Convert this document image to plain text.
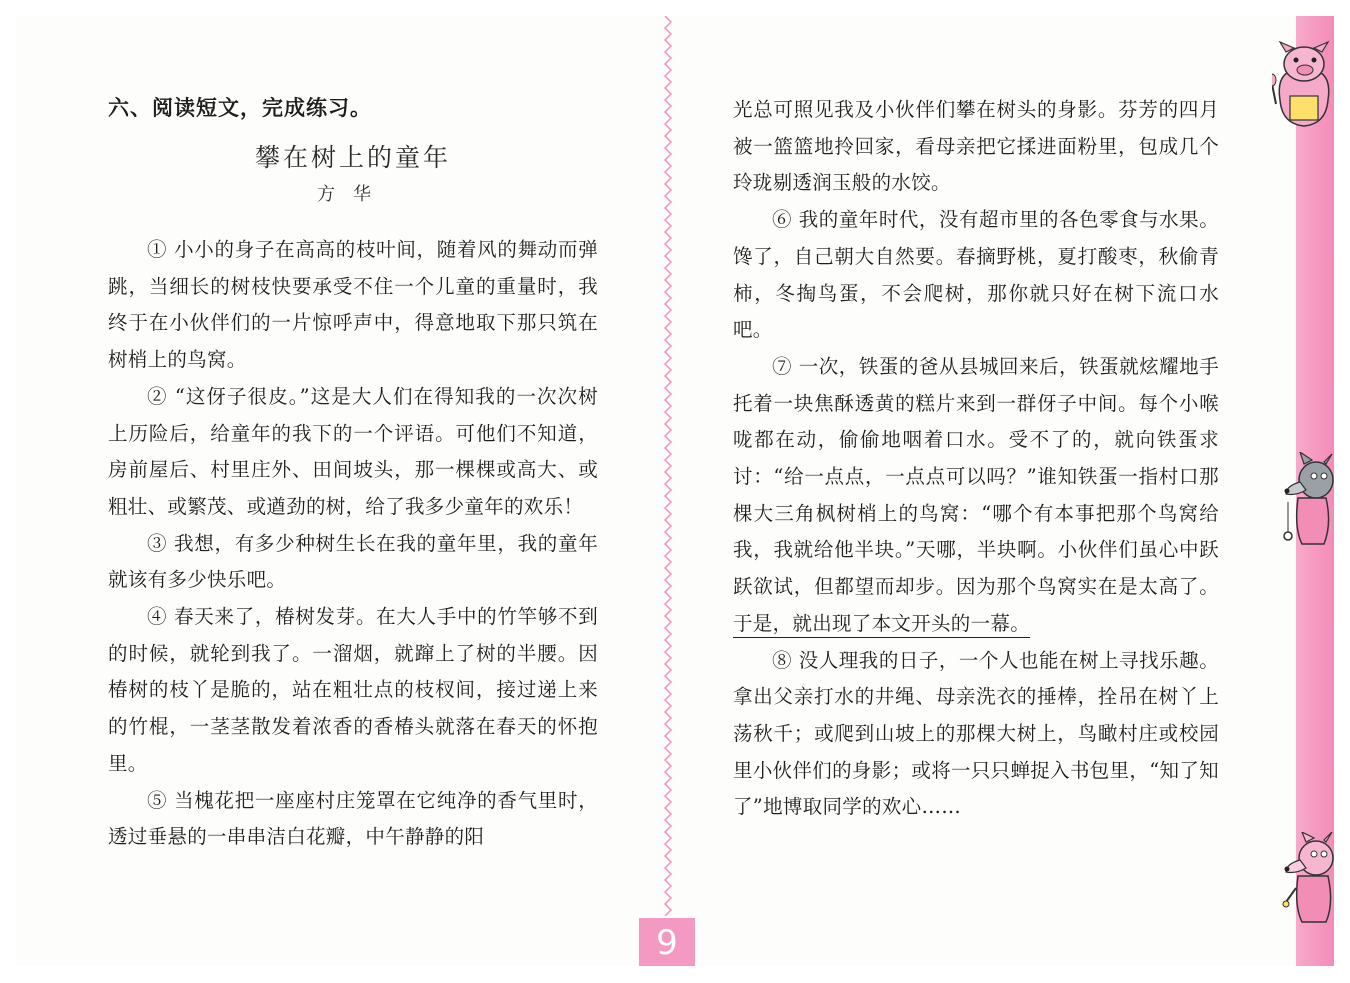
六、阅读短文，完成练习。
攀在树上的童年
方华

① 小小的身子在高高的枝叶间，随着风的舞动而弹跳，当细长的树枝快要承受不住一个儿童的重量时，我终于在小伙伴们的一片惊呼声中，得意地取下那只筑在树梢上的鸟窝。

② “这伢子很皮。”这是大人们在得知我的一次次树上历险后，给童年的我下的一个评语。可他们不知道，房前屋后、村里庄外、田间坡头，那一棵棵或高大、或粗壮、或繁茂、或遒劲的树，给了我多少童年的欢乐！

③ 我想，有多少种树生长在我的童年里，我的童年就该有多少快乐吧。

④ 春天来了，椿树发芽。在大人手中的竹竿够不到的时候，就轮到我了。一溜烟，就蹿上了树的半腰。因椿树的枝丫是脆的，站在粗壮点的枝杈间，接过递上来的竹棍，一茎茎散发着浓香的香椿头就落在春天的怀抱里。

⑤ 当槐花把一座座村庄笼罩在它纯净的香气里时，透过垂悬的一串串洁白花瓣，中午静静的阳

光总可照见我及小伙伴们攀在树头的身影。芬芳的四月被一篮篮地拎回家，看母亲把它揉进面粉里，包成几个玲珑剔透润玉般的水饺。

⑥ 我的童年时代，没有超市里的各色零食与水果。馋了，自己朝大自然要。春摘野桃，夏打酸枣，秋偷青柿，冬掏鸟蛋，不会爬树，那你就只好在树下流口水吧。

⑦ 一次，铁蛋的爸从县城回来后，铁蛋就炫耀地手托着一块焦酥透黄的糕片来到一群伢子中间。每个小喉咙都在动，偷偷地咽着口水。受不了的，就向铁蛋求讨：“给一点点，一点点可以吗？”谁知铁蛋一指村口那棵大三角枫树梢上的鸟窝：“哪个有本事把那个鸟窝给我，我就给他半块。”天哪，半块啊。小伙伴们虽心中跃跃欲试，但都望而却步。因为那个鸟窝实在是太高了。于是，就出现了本文开头的一幕。

⑧ 没人理我的日子，一个人也能在树上寻找乐趣。拿出父亲打水的井绳、母亲洗衣的捶棒，拴吊在树丫上荡秋千；或爬到山坡上的那棵大树上，鸟瞰村庄或校园里小伙伴们的身影；或将一只只蝉捉入书包里，“知了知了”地博取同学的欢心……

9
